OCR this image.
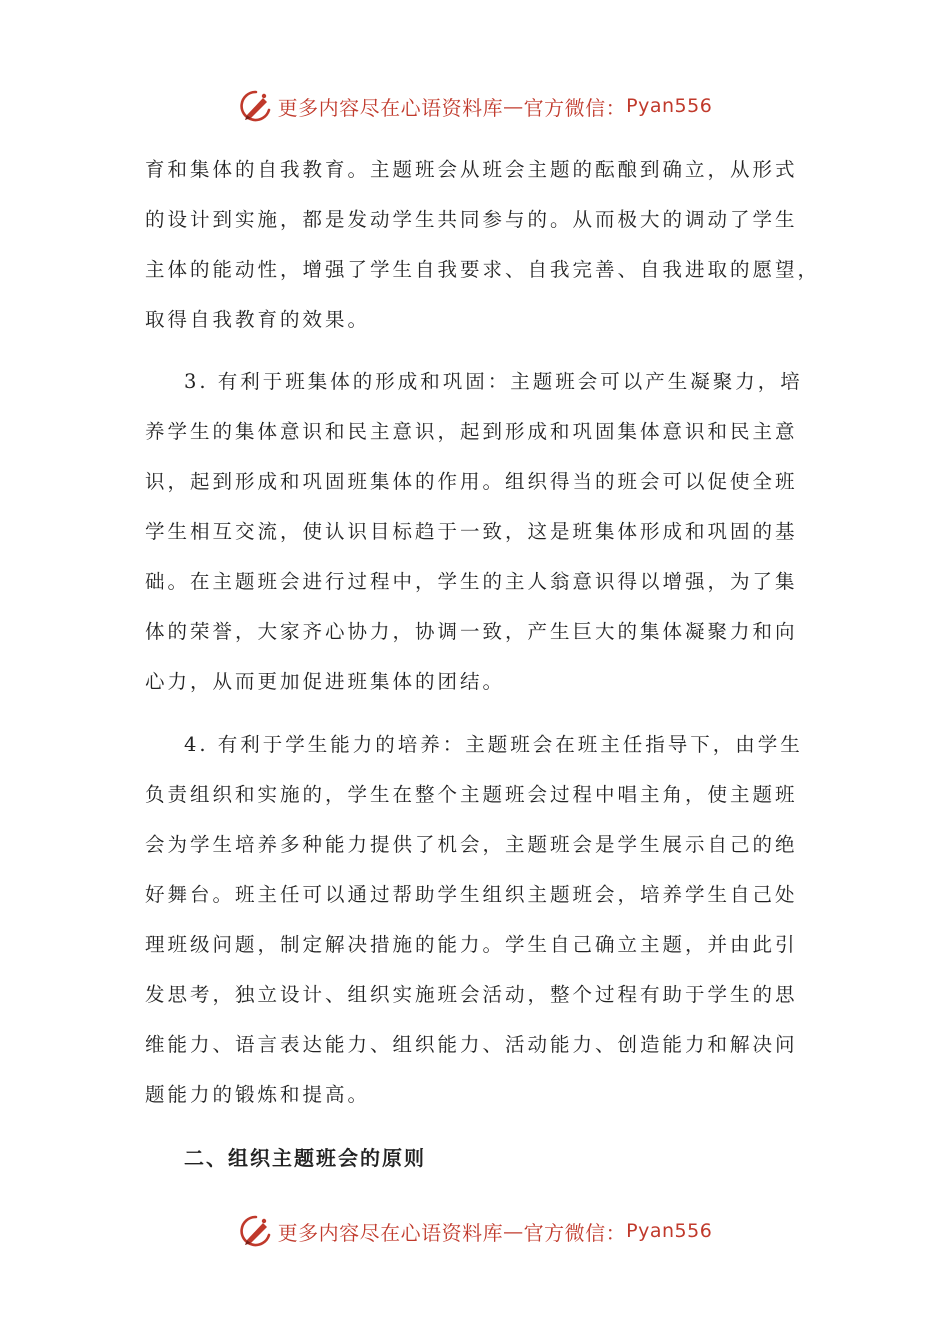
更多内容尽在心语资料库 — 官方微信： Pyan556
育和集体的自我教育。主题班会从班会主题的酝酿到确立，从形式
的设计到实施，都是发动学生共同参与的。从而极大的调动了学生
主体的能动性，增强了学生自我要求、自我完善、自我进取的愿望，
取得自我教育的效果。
3. 有利于班集体的形成和巩固：主题班会可以产生凝聚力，培
养学生的集体意识和民主意识，起到形成和巩固集体意识和民主意
识，起到形成和巩固班集体的作用。组织得当的班会可以促使全班
学生相互交流，使认识目标趋于一致，这是班集体形成和巩固的基
础。在主题班会进行过程中，学生的主人翁意识得以增强，为了集
体的荣誉，大家齐心协力，协调一致，产生巨大的集体凝聚力和向
心力，从而更加促进班集体的团结。
4. 有利于学生能力的培养：主题班会在班主任指导下，由学生
负责组织和实施的，学生在整个主题班会过程中唱主角，使主题班
会为学生培养多种能力提供了机会，主题班会是学生展示自己的绝
好舞台。班主任可以通过帮助学生组织主题班会，培养学生自己处
理班级问题，制定解决措施的能力。学生自己确立主题，并由此引
发思考，独立设计、组织实施班会活动，整个过程有助于学生的思
维能力、语言表达能力、组织能力、活动能力、创造能力和解决问
题能力的锻炼和提高。
二、组织主题班会的原则
更多内容尽在心语资料库 — 官方微信： Pyan556
